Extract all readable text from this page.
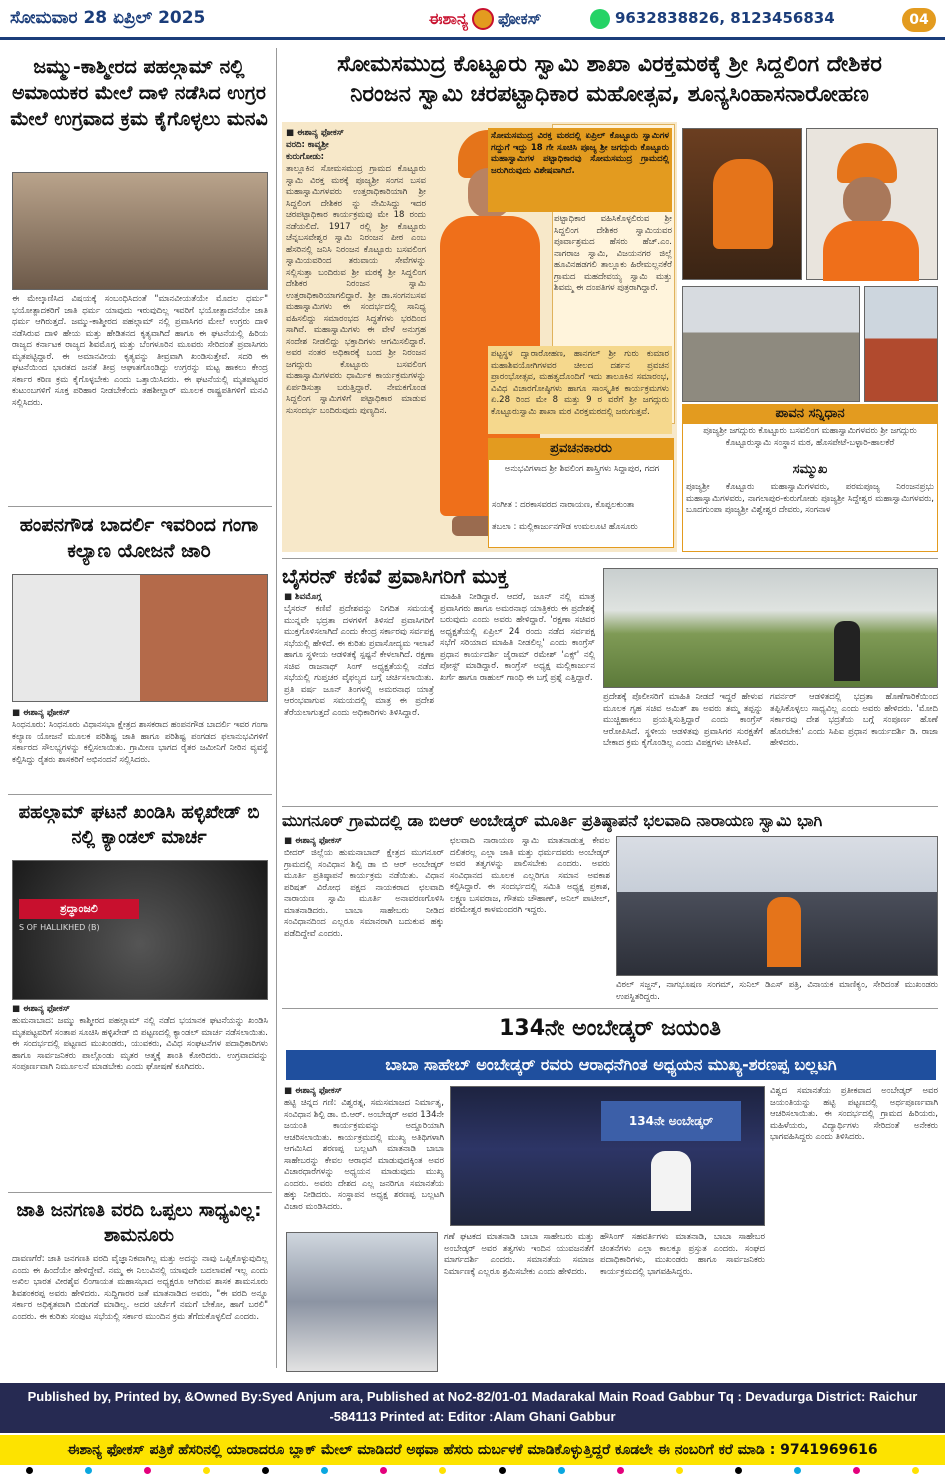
ಸೋಮವಾರ 28 ಏಪ್ರಿಲ್ 2025	ಈಶಾನ್ಯ ಫೋಕಸ್	9632838826, 8123456834	04
ಜಮ್ಮು-ಕಾಶ್ಮೀರದ ಪಹಲ್ಗಾಮ್ ನಲ್ಲಿ ಅಮಾಯಕರ ಮೇಲೆ ದಾಳಿ ನಡೆಸಿದ ಉಗ್ರರ ಮೇಲೆ ಉಗ್ರವಾದ ಕ್ರಮ ಕೈಗೊಳ್ಳಲು ಮನವಿ
ಈ ಮೇಲ್ಕಾಣಿಸಿದ ವಿಷಯಕ್ಕೆ ಸಂಬಂಧಿಸಿದಂತೆ "ಮಾನವೀಯತೆಯೇ ಮೊದಲ ಧರ್ಮ" ಭಯೋತ್ಪಾದಕರಿಗೆ ಜಾತಿ ಧರ್ಮ ಯಾವುದು ಇರುವುದಿಲ್ಲ ಇವರಿಗೆ ಭಯೋತ್ಪಾದನೆಯೇ ಜಾತಿ ಧರ್ಮ ಆಗಿರುತ್ತದೆ. ಜಮ್ಮು-ಕಾಶ್ಮೀರದ ಪಹಲ್ಗಾಮ್ ನಲ್ಲಿ ಪ್ರವಾಸಿಗರ ಮೇಲೆ ಉಗ್ರರು ದಾಳಿ ನಡೆಸಿರುವ ದಾಳಿ ಹೇಯ ಮತ್ತು ಹೇಡಿತನದ ಕೃತ್ಯವಾಗಿದೆ ಹಾಗೂ ಈ ಘಟನೆಯಲ್ಲಿ ಹಿರಿಯ ರಾಜ್ಯದ ಕರ್ನಾಟಕ ರಾಜ್ಯದ ಶಿವಮೊಗ್ಗ ಮತ್ತು ಬೆಂಗಳೂರಿನ ಮೂವರು ಸೇರಿದಂತೆ ಪ್ರವಾಸಿಗರು ಮೃತಪಟ್ಟಿದ್ದಾರೆ. ಈ ಅಮಾನವೀಯ ಕೃತ್ಯವನ್ನು ತೀವ್ರವಾಗಿ ಖಂಡಿಸುತ್ತೇವೆ. ಸದರಿ ಈ ಘಟನೆಯಿಂದ ಭಾರತದ ಜನತೆ ತೀವ್ರ ಆಘಾತಗೊಂಡಿದ್ದು ಉಗ್ರರನ್ನು ಮಟ್ಟ ಹಾಕಲು ಕೇಂದ್ರ ಸರ್ಕಾರ ಕಠಿಣ ಕ್ರಮ ಕೈಗೊಳ್ಳಬೇಕು ಎಂದು ಒತ್ತಾಯಿಸಿದರು. ಈ ಘಟನೆಯಲ್ಲಿ ಮೃತಪಟ್ಟವರ ಕುಟುಂಬಗಳಿಗೆ ಸೂಕ್ತ ಪರಿಹಾರ ನೀಡಬೇಕೆಂದು ತಹಶೀಲ್ದಾರ್ ಮೂಲಕ ರಾಷ್ಟ್ರಪತಿಗಳಿಗೆ ಮನವಿ ಸಲ್ಲಿಸಿದರು.
ಹಂಪನಗೌಡ ಬಾದರ್ಲಿ ಇವರಿಂದ ಗಂಗಾ ಕಲ್ಯಾಣ ಯೋಜನೆ ಜಾರಿ
■ ಈಶಾನ್ಯ ಫೋಕಸ್
ಸಿಂಧನೂರು: ಸಿಂಧನೂರು ವಿಧಾನಸಭಾ ಕ್ಷೇತ್ರದ ಶಾಸಕರಾದ ಹಂಪನಗೌಡ ಬಾದರ್ಲಿ ಇವರ ಗಂಗಾ ಕಲ್ಯಾಣ ಯೋಜನೆ ಮೂಲಕ ಪರಿಶಿಷ್ಟ ಜಾತಿ ಹಾಗೂ ಪರಿಶಿಷ್ಟ ಪಂಗಡದ ಫಲಾನುಭವಿಗಳಿಗೆ ಸರ್ಕಾರದ ಸೌಲಭ್ಯಗಳನ್ನು ಕಲ್ಪಿಸಲಾಯಿತು. ಗ್ರಾಮೀಣ ಭಾಗದ ರೈತರ ಜಮೀನಿಗೆ ನೀರಿನ ವ್ಯವಸ್ಥೆ ಕಲ್ಪಿಸಿದ್ದು ರೈತರು ಶಾಸಕರಿಗೆ ಅಭಿನಂದನೆ ಸಲ್ಲಿಸಿದರು.
ಪಹಲ್ಗಾಮ್ ಘಟನೆ ಖಂಡಿಸಿ ಹಳ್ಳಿಖೇಡ್ ಬಿ ನಲ್ಲಿ ಕ್ಯಾಂಡಲ್ ಮಾರ್ಚ
ಶ್ರದ್ಧಾಂಜಲಿ
S OF HALLIKHED (B)
■ ಈಶಾನ್ಯ ಫೋಕಸ್
ಹುಮನಾಬಾದ: ಜಮ್ಮು ಕಾಶ್ಮೀರದ ಪಹಲ್ಗಾಮ್ ನಲ್ಲಿ ನಡೆದ ಭಯಾನಕ ಘಟನೆಯನ್ನು ಖಂಡಿಸಿ ಮೃತಪಟ್ಟವರಿಗೆ ಸಂತಾಪ ಸೂಚಿಸಿ ಹಳ್ಳಿಖೇಡ್ ಬಿ ಪಟ್ಟಣದಲ್ಲಿ ಕ್ಯಾಂಡಲ್ ಮಾರ್ಚ ನಡೆಸಲಾಯಿತು. ಈ ಸಂದರ್ಭದಲ್ಲಿ ಪಟ್ಟಣದ ಮುಖಂಡರು, ಯುವಕರು, ವಿವಿಧ ಸಂಘಟನೆಗಳ ಪದಾಧಿಕಾರಿಗಳು ಹಾಗೂ ಸಾರ್ವಜನಿಕರು ಪಾಲ್ಗೊಂಡು ಮೃತರ ಆತ್ಮಕ್ಕೆ ಶಾಂತಿ ಕೋರಿದರು. ಉಗ್ರವಾದವನ್ನು ಸಂಪೂರ್ಣವಾಗಿ ನಿರ್ಮೂಲನೆ ಮಾಡಬೇಕು ಎಂದು ಘೋಷಣೆ ಕೂಗಿದರು.
ಜಾತಿ ಜನಗಣತಿ ವರದಿ ಒಪ್ಪಲು ಸಾಧ್ಯವಿಲ್ಲ: ಶಾಮನೂರು
ದಾವಣಗೆರೆ: ಜಾತಿ ಜನಗಣತಿ ವರದಿ ವೈಜ್ಞಾನಿಕವಾಗಿಲ್ಲ ಮತ್ತು ಅದನ್ನು ನಾವು ಒಪ್ಪಿಕೊಳ್ಳುವುದಿಲ್ಲ ಎಂದು ಈ ಹಿಂದೆಯೇ ಹೇಳಿದ್ದೇವೆ. ನಮ್ಮ ಈ ನಿಲುವಿನಲ್ಲಿ ಯಾವುದೇ ಬದಲಾವಣೆ ಇಲ್ಲ ಎಂದು ಅಖಿಲ ಭಾರತ ವೀರಶೈವ ಲಿಂಗಾಯತ ಮಹಾಸಭಾದ ಅಧ್ಯಕ್ಷರೂ ಆಗಿರುವ ಶಾಸಕ ಶಾಮನೂರು ಶಿವಶಂಕರಪ್ಪ ಅವರು ಹೇಳಿದರು. ಸುದ್ದಿಗಾರರ ಜತೆ ಮಾತನಾಡಿದ ಅವರು, "ಈ ವರದಿ ಅನ್ನೂ ಸರ್ಕಾರ ಅಧಿಕೃತವಾಗಿ ಬಿಡುಗಡೆ ಮಾಡಿಲ್ಲ. ಅದರ ಚರ್ಚೆಗೆ ನಮಗೆ ಬೇಕೋ, ಹಾಗೆ ಬರಲಿ" ಎಂದರು. ಈ ಕುರಿತು ಸಂಪುಟ ಸಭೆಯಲ್ಲಿ ಸರ್ಕಾರ ಮುಂದಿನ ಕ್ರಮ ತೆಗೆದುಕೊಳ್ಳಲಿದೆ ಎಂದರು.
ಸೋಮಸಮುದ್ರ ಕೊಟ್ಟೂರು ಸ್ವಾಮಿ ಶಾಖಾ ವಿರಕ್ತಮಠಕ್ಕೆ ಶ್ರೀ ಸಿದ್ದಲಿಂಗ ದೇಶಿಕರ
ನಿರಂಜನ ಸ್ವಾಮಿ ಚರಪಟ್ಟಾಧಿಕಾರ ಮಹೋತ್ಸವ, ಶೂನ್ಯಸಿಂಹಾಸನಾರೋಹಣ
■ ಈಶಾನ್ಯ ಫೋಕಸ್
ವರದಿ: ಕಾವ್ಯಶ್ರೀ
ಕುರುಗೋಡು:
ತಾಲ್ಲೂಕಿನ ಸೋಮಸಮುದ್ರ ಗ್ರಾಮದ ಕೊಟ್ಟೂರು ಸ್ವಾಮಿ ವಿರಕ್ತ ಮಠಕ್ಕೆ ಪೂಜ್ಯಶ್ರೀ ಸಂಗನ ಬಸವ ಮಹಾಸ್ವಾಮಿಗಳವರು ಉತ್ತರಾಧಿಕಾರಿಯಾಗಿ ಶ್ರೀ ಸಿದ್ದಲಿಂಗ ದೇಶಿಕರ ನ್ನು ನೇಮಿಸಿದ್ದು ಇದರ ಚರಪಟ್ಟಾಧಿಕಾರ ಕಾರ್ಯಕ್ರಮವು ಮೇ 18 ರಂದು ನಡೆಯಲಿದೆ. 1917 ರಲ್ಲಿ ಶ್ರೀ ಕೊಟ್ಟೂರು ಚೆನ್ನಬಸವೇಶ್ವರ ಸ್ವಾಮಿ ನಿರಂಜನ ಪೀಠ ಎಂಬ ಹೆಸರಿನಲ್ಲಿ ಜನಿಸಿ ನಿರಂಜನ ಕೊಟ್ಟೂರು ಬಸವಲಿಂಗ ಸ್ವಾಮಿಯವರಿಂದ ತರುವಾಯ ಸೇವೆಗಳನ್ನು ಸಲ್ಲಿಸುತ್ತಾ ಬಂದಿರುವ ಶ್ರೀ ಮಠಕ್ಕೆ ಶ್ರೀ ಸಿದ್ದಲಿಂಗ ದೇಶಿಕರ ನಿರಂಜನ ಸ್ವಾಮಿ ಉತ್ತರಾಧಿಕಾರಿಯಾಗಲಿದ್ದಾರೆ. ಶ್ರೀ ಡಾ.ಸಂಗನಬಸವ ಮಹಾಸ್ವಾಮಿಗಳು ಈ ಸಂದರ್ಭದಲ್ಲಿ ಸಾನಿಧ್ಯ ವಹಿಸಲಿದ್ದು ಸಮಾರಂಭದ ಸಿದ್ಧತೆಗಳು ಭರದಿಂದ ಸಾಗಿವೆ. ಮಹಾಸ್ವಾಮಿಗಳು ಈ ವೇಳೆ ಅನುಗ್ರಹ ಸಂದೇಶ ನೀಡಲಿದ್ದು ಭಕ್ತಾದಿಗಳು ಆಗಮಿಸಲಿದ್ದಾರೆ. ಅವರ ನಂತರ ಅಧಿಕಾರಕ್ಕೆ ಬಂದ ಶ್ರೀ ನಿರಂಜನ ಜಗದ್ಗುರು ಕೊಟ್ಟೂರು ಬಸವಲಿಂಗ ಮಹಾಸ್ವಾಮಿಗಳವರು ಧಾರ್ಮಿಕ ಕಾರ್ಯಕ್ರಮಗಳನ್ನು ಏರ್ಪಡಿಸುತ್ತಾ ಬರುತ್ತಿದ್ದಾರೆ. ನೇಮಕಗೊಂಡ ಸಿದ್ದಲಿಂಗ ಸ್ವಾಮಿಗಳಿಗೆ ಪಟ್ಟಾಧಿಕಾರ ಮಾಡುವ ಸುಸಂದರ್ಭ ಬಂದಿರುವುದು ಪುಣ್ಯದಿನ.
ಸೋಮಸಮುದ್ರ ವಿರಕ್ತ ಮಠದಲ್ಲಿ ಏಪ್ರಿಲ್ ಕೊಟ್ಟೂರು ಸ್ವಾಮಿಗಳ ಗದ್ದುಗೆ ಇದ್ದು 18 ಗೇ ಸೂಚಿಸಿ ಪೂಜ್ಯ ಶ್ರೀ ಜಗದ್ಗುರು ಕೊಟ್ಟೂರು ಮಹಾಸ್ವಾಮಿಗಳ ಪಟ್ಟಾಧಿಕಾರವು ಸೋಮಸಮುದ್ರ ಗ್ರಾಮದಲ್ಲಿ ಜರುಗಿರುವುದು ವಿಶೇಷವಾಗಿದೆ.
ಪಟ್ಟಾಧಿಕಾರ ವಹಿಸಿಕೊಳ್ಳಲಿರುವ ಶ್ರೀ ಸಿದ್ದಲಿಂಗ ದೇಶಿಕರ ಸ್ವಾಮಿಯವರ ಪೂರ್ವಾಶ್ರಮದ ಹೆಸರು ಹೆಚ್.ಎಂ. ನಾಗರಾಜ ಸ್ವಾಮಿ, ವಿಜಯನಗರ ಜಿಲ್ಲೆ ಹೂವಿನಹಡಗಲಿ ತಾಲ್ಲೂಕು ಹಿರೇಮಲ್ಲನಕೆರೆ ಗ್ರಾಮದ ಮಹದೇವಯ್ಯ ಸ್ವಾಮಿ ಮತ್ತು ಶಿವಮ್ಮ ಈ ದಂಪತಿಗಳ ಪುತ್ರರಾಗಿದ್ದಾರೆ.
ಪಟ್ಟಸ್ಥಳ ದ್ವಾರಾರೋಹಣ, ಹಾನಗಲ್ ಶ್ರೀ ಗುರು ಕುಮಾರ ಮಹಾಶಿವಯೋಗಿಗಳವರ ಚೀಲದ ದರ್ಶನ ಪ್ರವಚನ ಪ್ರಾರಂಭೋತ್ಸವ, ಮಹತ್ವದೊಂದಿಗೆ ಇದು ತಾಲೂಕಿನ ಸಮಾರಂಭ, ವಿವಿಧ ವಿಚಾರಗೋಷ್ಠಿಗಳು ಹಾಗೂ ಸಾಂಸ್ಕೃತಿಕ ಕಾರ್ಯಕ್ರಮಗಳು ಏ.28 ರಿಂದ ಮೇ 8 ಮತ್ತು 9 ರ ವರೆಗೆ ಶ್ರೀ ಜಗದ್ಗುರು ಕೊಟ್ಟೂರುಸ್ವಾಮಿ ಶಾಖಾ ಮಠ ವಿರಕ್ತಮಠದಲ್ಲಿ ಜರುಗುತ್ತವೆ.
ಪ್ರವಚನಕಾರರು
ಅನುಭವಿಗಳಾದ ಶ್ರೀ ಶಿವಲಿಂಗ ಶಾಸ್ತ್ರಿಗಳು ಸಿದ್ದಾಪುರ, ಗದಗ
ಸಂಗೀತ : ದರಕಾಸವರದ ನಾರಾಯಣ, ಕೊಪ್ಪಲಕುಂತಾ
ತಬಲಾ : ಮಲ್ಲಿಕಾರ್ಜುನಗೌಡ ಉಮಲೂಟಿ ಹೊಸೂರು
ಪಾವನ ಸನ್ನಿಧಾನ
ಪೂಜ್ಯಶ್ರೀ ಜಗದ್ಗುರು ಕೊಟ್ಟೂರು ಬಸವಲಿಂಗ ಮಹಾಸ್ವಾಮಿಗಳವರು ಶ್ರೀ ಜಗದ್ಗುರು ಕೊಟ್ಟೂರುಸ್ವಾಮಿ ಸಂಸ್ಥಾನ ಮಠ, ಹೊಸಪೇಟೆ-ಬಳ್ಳಾರಿ-ಹಾಲಕೆರೆ
ಸಮ್ಮುಖ
ಪೂಜ್ಯಶ್ರೀ ಕೊಟ್ಟೂರು ಮಹಾಸ್ವಾಮಿಗಳವರು, ಪರಮಪೂಜ್ಯ ನಿರಂಜನಪ್ರಭು ಮಹಾಸ್ವಾಮಿಗಳವರು, ನಾಗಲಾಪುರ-ಕುರುಗೋಡು ಪೂಜ್ಯಶ್ರೀ ಸಿದ್ದೇಶ್ವರ ಮಹಾಸ್ವಾಮಿಗಳವರು, ಬೂದಗುಂಪಾ ಪೂಜ್ಯಶ್ರೀ ವಿಶ್ವೇಶ್ವರ ದೇವರು, ಸಂಗನಾಳ
ಬೈಸರನ್ ಕಣಿವೆ ಪ್ರವಾಸಿಗರಿಗೆ ಮುಕ್ತ
■ ಶಿವಮೊಗ್ಗ
ಬೈಸರನ್ ಕಣಿವೆ ಪ್ರದೇಶವನ್ನು ನಿಗದಿತ ಸಮಯಕ್ಕೆ ಮುನ್ನವೇ ಭದ್ರತಾ ದಳಗಳಿಗೆ ತಿಳಿಸದೆ ಪ್ರವಾಸಿಗರಿಗೆ ಮುಕ್ತಗೊಳಿಸಲಾಗಿದೆ ಎಂದು ಕೇಂದ್ರ ಸರ್ಕಾರವು ಸರ್ವಪಕ್ಷ ಸಭೆಯಲ್ಲಿ ಹೇಳಿದೆ. ಈ ಕುರಿತು ಪ್ರವಾಸೋದ್ಯಮ ಇಲಾಖೆ ಹಾಗೂ ಸ್ಥಳೀಯ ಆಡಳಿತಕ್ಕೆ ಸ್ಪಷ್ಟನೆ ಕೇಳಲಾಗಿದೆ. ರಕ್ಷಣಾ ಸಚಿವ ರಾಜನಾಥ್ ಸಿಂಗ್ ಅಧ್ಯಕ್ಷತೆಯಲ್ಲಿ ನಡೆದ ಸಭೆಯಲ್ಲಿ ಗುಪ್ತಚರ ವೈಫಲ್ಯದ ಬಗ್ಗೆ ಚರ್ಚಿಸಲಾಯಿತು. ಪ್ರತಿ ವರ್ಷ ಜೂನ್ ತಿಂಗಳಲ್ಲಿ ಅಮರನಾಥ ಯಾತ್ರೆ ಆರಂಭವಾಗುವ ಸಮಯದಲ್ಲಿ ಮಾತ್ರ ಈ ಪ್ರದೇಶ ತೆರೆಯಲಾಗುತ್ತದೆ ಎಂದು ಅಧಿಕಾರಿಗಳು ತಿಳಿಸಿದ್ದಾರೆ.
ಮಾಹಿತಿ ನೀಡಿದ್ದಾರೆ. ಆದರೆ, ಜೂನ್ ನಲ್ಲಿ ಮಾತ್ರ ಪ್ರವಾಸಿಗರು ಹಾಗೂ ಅಮರನಾಥ ಯಾತ್ರಿಕರು ಈ ಪ್ರದೇಶಕ್ಕೆ ಬರುವುದು ಎಂದು ಅವರು ಹೇಳಿದ್ದಾರೆ. 'ರಕ್ಷಣಾ ಸಚಿವರ ಅಧ್ಯಕ್ಷತೆಯಲ್ಲಿ ಏಪ್ರಿಲ್ 24 ರಂದು ನಡೆದ ಸರ್ವಪಕ್ಷ ಸಭೆಗೆ ಸರಿಯಾದ ಮಾಹಿತಿ ನೀಡಲಿಲ್ಲ' ಎಂದು ಕಾಂಗ್ರೆಸ್ ಪ್ರಧಾನ ಕಾರ್ಯದರ್ಶಿ ಜೈರಾಮ್ ರಮೇಶ್ 'ಎಕ್ಸ್' ನಲ್ಲಿ ಪೋಸ್ಟ್ ಮಾಡಿದ್ದಾರೆ. ಕಾಂಗ್ರೆಸ್ ಅಧ್ಯಕ್ಷ ಮಲ್ಲಿಕಾರ್ಜುನ ಖರ್ಗೆ ಹಾಗೂ ರಾಹುಲ್ ಗಾಂಧಿ ಈ ಬಗ್ಗೆ ಪ್ರಶ್ನೆ ಎತ್ತಿದ್ದಾರೆ.
ಪ್ರದೇಶಕ್ಕೆ ಪೊಲೀಸರಿಗೆ ಮಾಹಿತಿ ನೀಡದೆ ಇದ್ದರೆ ಹೇಳುವ ಮೂಲಕ ಗೃಹ ಸಚಿವ ಅಮಿತ್ ಶಾ ಅವರು ತಮ್ಮ ತಪ್ಪನ್ನು ಮುಚ್ಚಿಹಾಕಲು ಪ್ರಯತ್ನಿಸುತ್ತಿದ್ದಾರೆ ಎಂದು ಕಾಂಗ್ರೆಸ್ ಆರೋಪಿಸಿದೆ. ಸ್ಥಳೀಯ ಆಡಳಿತವು ಪ್ರವಾಸಿಗರ ಸುರಕ್ಷತೆಗೆ ಬೇಕಾದ ಕ್ರಮ ಕೈಗೊಂಡಿಲ್ಲ ಎಂದು ವಿಪಕ್ಷಗಳು ಟೀಕಿಸಿವೆ.
ಗವರ್ನರ್ ಆಡಳಿತದಲ್ಲಿ ಭದ್ರತಾ ಹೊಣೆಗಾರಿಕೆಯಿಂದ ತಪ್ಪಿಸಿಕೊಳ್ಳಲು ಸಾಧ್ಯವಿಲ್ಲ ಎಂದು ಅವರು ಹೇಳಿದರು. 'ಮೋದಿ ಸರ್ಕಾರವು ದೇಶ ಭದ್ರತೆಯ ಬಗ್ಗೆ ಸಂಪೂರ್ಣ ಹೊಣೆ ಹೊರಬೇಕು' ಎಂದು ಸಿಪಿಐ ಪ್ರಧಾನ ಕಾರ್ಯದರ್ಶಿ ಡಿ. ರಾಜಾ ಹೇಳಿದರು.
ಮುಗನೂರ್ ಗ್ರಾಮದಲ್ಲಿ ಡಾ ಬಿಆರ್ ಅಂಬೇಡ್ಕರ್ ಮೂರ್ತಿ ಪ್ರತಿಷ್ಠಾಪನೆ ಭಲವಾದಿ ನಾರಾಯಣ ಸ್ವಾಮಿ ಭಾಗಿ
■ ಈಶಾನ್ಯ ಫೋಕಸ್
ಬೀದರ್ ಜಿಲ್ಲೆಯ ಹುಮನಾಬಾದ್ ಕ್ಷೇತ್ರದ ಮುಗನೂರ್ ಗ್ರಾಮದಲ್ಲಿ ಸಂವಿಧಾನ ಶಿಲ್ಪಿ ಡಾ ಬಿ ಆರ್ ಅಂಬೇಡ್ಕರ್ ಮೂರ್ತಿ ಪ್ರತಿಷ್ಠಾಪನೆ ಕಾರ್ಯಕ್ರಮ ನಡೆಯಿತು. ವಿಧಾನ ಪರಿಷತ್ ವಿರೋಧ ಪಕ್ಷದ ನಾಯಕರಾದ ಛಲವಾದಿ ನಾರಾಯಣ ಸ್ವಾಮಿ ಮೂರ್ತಿ ಅನಾವರಣಗೊಳಿಸಿ ಮಾತನಾಡಿದರು. ಬಾಬಾ ಸಾಹೇಬರು ನೀಡಿದ ಸಂವಿಧಾನದಿಂದ ಎಲ್ಲರೂ ಸಮಾನರಾಗಿ ಬದುಕುವ ಹಕ್ಕು ಪಡೆದಿದ್ದೇವೆ ಎಂದರು.
ಛಲವಾದಿ ನಾರಾಯಣ ಸ್ವಾಮಿ ಮಾತನಾಡುತ್ತ ಕೇವಲ ದಲಿತರಲ್ಲ ಎಲ್ಲಾ ಜಾತಿ ಮತ್ತು ಧರ್ಮದವರು ಅಂಬೇಡ್ಕರ್ ಅವರ ತತ್ವಗಳನ್ನು ಪಾಲಿಸಬೇಕು ಎಂದರು. ಅವರು ಸಂವಿಧಾನದ ಮೂಲಕ ಎಲ್ಲರಿಗೂ ಸಮಾನ ಅವಕಾಶ ಕಲ್ಪಿಸಿದ್ದಾರೆ. ಈ ಸಂದರ್ಭದಲ್ಲಿ ಸಮಿತಿ ಅಧ್ಯಕ್ಷ ಪ್ರಕಾಶ, ಲಕ್ಷ್ಮಣ ಬಸವರಾಜ, ಗೌತಮ ಚೌಹಾಣ್, ಅನಿಲ್ ಪಾಟೀಲ್, ಪರಮೇಶ್ವರ ಕಾಳಮಂದರಗಿ ಇದ್ದರು.
ವಿಠಲ್ ಸಜ್ಜನ್, ನಾಗಭೂಷಣ ಸಂಗಮ್, ಸುನಿಲ್ ಡಿಎಸ್ ಪತ್ರಿ, ವಿನಾಯಕ ಮಾಣಿಕ್ಯಂ, ಸೇರಿದಂತೆ ಮುಖಂಡರು ಉಪಸ್ಥಿತರಿದ್ದರು.
134ನೇ ಅಂಬೇಡ್ಕರ್ ಜಯಂತಿ
ಬಾಬಾ ಸಾಹೇಬ್ ಅಂಬೇಡ್ಕರ್ ರವರು ಆರಾಧನೆಗಿಂತ ಅಧ್ಯಯನ ಮುಖ್ಯ-ಶರಣಪ್ಪ ಬಲ್ಲಟಗಿ
■ ಈಶಾನ್ಯ ಫೋಕಸ್
ಹಟ್ಟಿ ಚಿನ್ನದ ಗಣಿ: ವಿಶ್ವರತ್ನ, ಸಮಸಮಾಜದ ನಿರ್ಮಾತೃ, ಸಂವಿಧಾನ ಶಿಲ್ಪಿ ಡಾ. ಬಿ.ಆರ್. ಅಂಬೇಡ್ಕರ್ ಅವರ 134ನೇ ಜಯಂತಿ ಕಾರ್ಯಕ್ರಮವನ್ನು ಅದ್ದೂರಿಯಾಗಿ ಆಚರಿಸಲಾಯಿತು. ಕಾರ್ಯಕ್ರಮದಲ್ಲಿ ಮುಖ್ಯ ಅತಿಥಿಗಳಾಗಿ ಆಗಮಿಸಿದ ಶರಣಪ್ಪ ಬಲ್ಲಟಗಿ ಮಾತನಾಡಿ ಬಾಬಾ ಸಾಹೇಬರನ್ನು ಕೇವಲ ಆರಾಧನೆ ಮಾಡುವುದಕ್ಕಿಂತ ಅವರ ವಿಚಾರಧಾರೆಗಳನ್ನು ಅಧ್ಯಯನ ಮಾಡುವುದು ಮುಖ್ಯ ಎಂದರು. ಅವರು ದೇಶದ ಎಲ್ಲ ಜನರಿಗೂ ಸಮಾನತೆಯ ಹಕ್ಕು ನೀಡಿದರು. ಸಂಸ್ಥಾಪನ ಅಧ್ಯಕ್ಷ ಶರಣಪ್ಪ ಬಲ್ಲಟಗಿ ವಿಚಾರ ಮಂಡಿಸಿದರು.
134ನೇ ಅಂಬೇಡ್ಕರ್
ವಿಶ್ವದ ಸಮಾನತೆಯ ಪ್ರತೀಕವಾದ ಅಂಬೇಡ್ಕರ್ ಅವರ ಜಯಂತಿಯನ್ನು ಹಟ್ಟಿ ಪಟ್ಟಣದಲ್ಲಿ ಅರ್ಥಪೂರ್ಣವಾಗಿ ಆಚರಿಸಲಾಯಿತು. ಈ ಸಂದರ್ಭದಲ್ಲಿ ಗ್ರಾಮದ ಹಿರಿಯರು, ಮಹಿಳೆಯರು, ವಿದ್ಯಾರ್ಥಿಗಳು ಸೇರಿದಂತೆ ಅನೇಕರು ಭಾಗವಹಿಸಿದ್ದರು ಎಂದು ತಿಳಿಸಿದರು.
ಗಣೆ ಘಟಕದ ಮಾತನಾಡಿ ಬಾಬಾ ಸಾಹೇಬರು ಮತ್ತು ಅಂಬೇಡ್ಕರ್ ಅವರ ತತ್ವಗಳು ಇಂದಿನ ಯುವಜನತೆಗೆ ಮಾರ್ಗದರ್ಶಿ ಎಂದರು. ಸಮಾನತೆಯ ಸಮಾಜ ನಿರ್ಮಾಣಕ್ಕೆ ಎಲ್ಲರೂ ಶ್ರಮಿಸಬೇಕು ಎಂದು ಹೇಳಿದರು.
ಹೌಸಿಂಗ್ ಸಹವರ್ತಿಗಳು ಮಾತನಾಡಿ, ಬಾಬಾ ಸಾಹೇಬರ ಚಿಂತನೆಗಳು ಎಲ್ಲಾ ಕಾಲಕ್ಕೂ ಪ್ರಸ್ತುತ ಎಂದರು. ಸಂಘದ ಪದಾಧಿಕಾರಿಗಳು, ಮುಖಂಡರು ಹಾಗೂ ಸಾರ್ವಜನಿಕರು ಕಾರ್ಯಕ್ರಮದಲ್ಲಿ ಭಾಗವಹಿಸಿದ್ದರು.
Published by, Printed by, &Owned By:Syed Anjum ara, Published at No2-82/01-01 Madarakal Main Road Gabbur Tq : Devadurga District: Raichur -584113 Printed at: Editor :Alam Ghani Gabbur
ಈಶಾನ್ಯ ಫೋಕಸ್ ಪತ್ರಿಕೆ ಹೆಸರಿನಲ್ಲಿ ಯಾರಾದರೂ ಬ್ಲಾಕ್ ಮೇಲ್ ಮಾಡಿದರೆ ಅಥವಾ ಹೆಸರು ದುರ್ಬಳಕೆ ಮಾಡಿಕೊಳ್ಳುತ್ತಿದ್ದರೆ ಕೂಡಲೇ ಈ ನಂಬರಿಗೆ ಕರೆ ಮಾಡಿ : 9741969616
